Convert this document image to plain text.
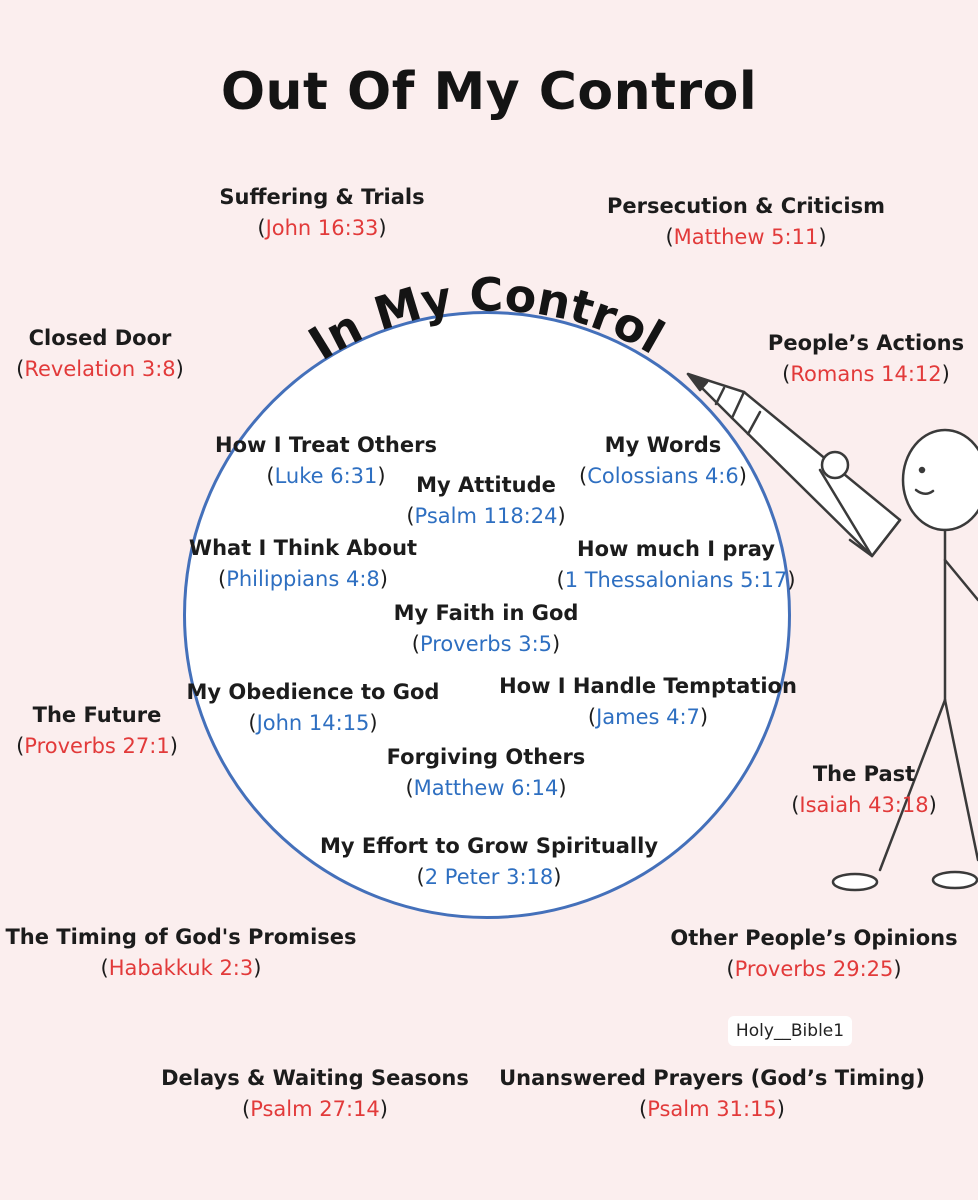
Out Of My Control
In My Control
Suffering & Trials
(John 16:33)
Persecution & Criticism
(Matthew 5:11)
Closed Door
(Revelation 3:8)
People’s Actions
(Romans 14:12)
The Future
(Proverbs 27:1)
The Past
(Isaiah 43:18)
The Timing of God's Promises
(Habakkuk 2:3)
Other People’s Opinions
(Proverbs 29:25)
Delays & Waiting Seasons
(Psalm 27:14)
Unanswered Prayers (God’s Timing)
(Psalm 31:15)
How I Treat Others
(Luke 6:31)
My Words
(Colossians 4:6)
My Attitude
(Psalm 118:24)
What I Think About
(Philippians 4:8)
How much I pray
(1 Thessalonians 5:17)
My Faith in God
(Proverbs 3:5)
My Obedience to God
(John 14:15)
How I Handle Temptation
(James 4:7)
Forgiving Others
(Matthew 6:14)
My Effort to Grow Spiritually
(2 Peter 3:18)
Holy__Bible1
